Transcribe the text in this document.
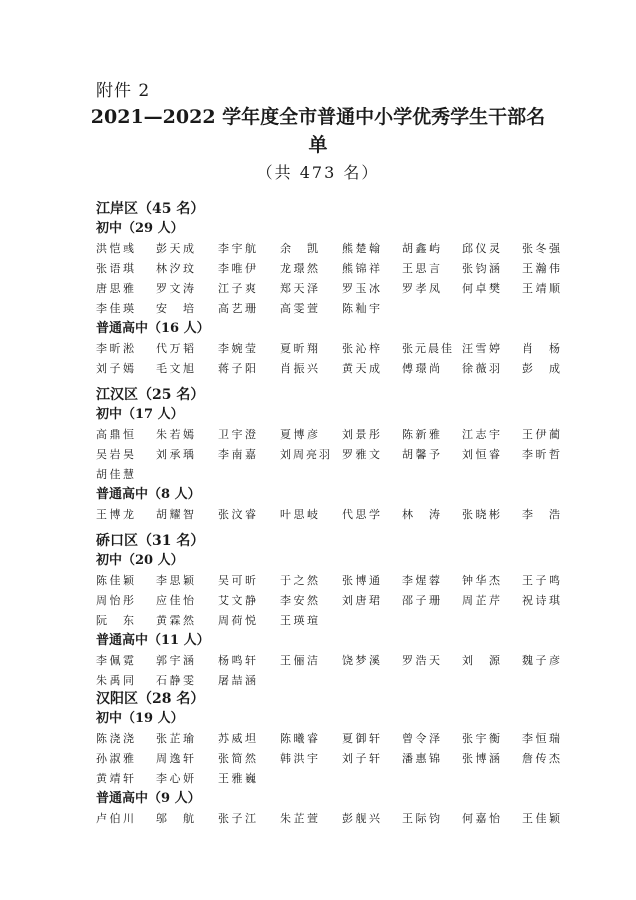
附件 2
2021—2022 学年度全市普通中小学优秀学生干部名
单
（共 473 名）
江岸区（45 名）
初中（29 人）
洪恺彧 彭天成 李宇航 余　凯 熊楚翰 胡鑫屿 邱仪灵 张冬强
张语琪 林汐玟 李唯伊 龙璟然 熊锦祥 王思言 张钧涵 王瀚伟
唐思雅 罗文涛 江子爽 郑天泽 罗玉冰 罗孝凤 何卓樊 王靖顺
李佳瑛 安　培 高艺珊 高雯萱 陈籼宇
普通高中（16 人）
李昕淞 代万韬 李婉莹 夏昕翔 张沁梓 张元晨佳 汪雪婷 肖　杨
刘子嫣 毛文旭 蒋子阳 肖振兴 黄天成 傅璟尚 徐薇羽 彭　成
江汉区（25 名）
初中（17 人）
高鼎恒 朱若嫣 卫宇澄 夏博彦 刘景彤 陈新雅 江志宇 王伊蔺
吴岩昊 刘承瑀 李南嘉 刘周亮羽 罗雅文 胡馨予 刘恒睿 李昕哲
胡佳慧
普通高中（8 人）
王博龙 胡耀智 张汶睿 叶思岐 代思学 林　涛 张晓彬 李　浩
硚口区（31 名）
初中（20 人）
陈佳颖 李思颖 吴可昕 于之然 张博通 李煋蓉 钟华杰 王子鸣
周怡彤 应佳怡 艾文静 李安然 刘唐珺 邵子珊 周芷芹 祝诗琪
阮　东 黄霖然 周荷悦 王瑛瑄
普通高中（11 人）
李佩霓 郭宇涵 杨鸣轩 王俪洁 饶梦溪 罗浩天 刘　源 魏子彦
朱禹同 石静雯 屠喆涵
汉阳区（28 名）
初中（19 人）
陈浇浇 张芷瑜 苏威坦 陈曦睿 夏御轩 曾令泽 张宇衡 李恒瑞
孙淑雅 周逸轩 张简然 韩洪宇 刘子轩 潘惠锦 张博涵 詹传杰
黄靖轩 李心妍 王雅巍
普通高中（9 人）
卢伯川 邬　航 张子江 朱芷萱 彭舰兴 王际钧 何嘉怡 王佳颖
